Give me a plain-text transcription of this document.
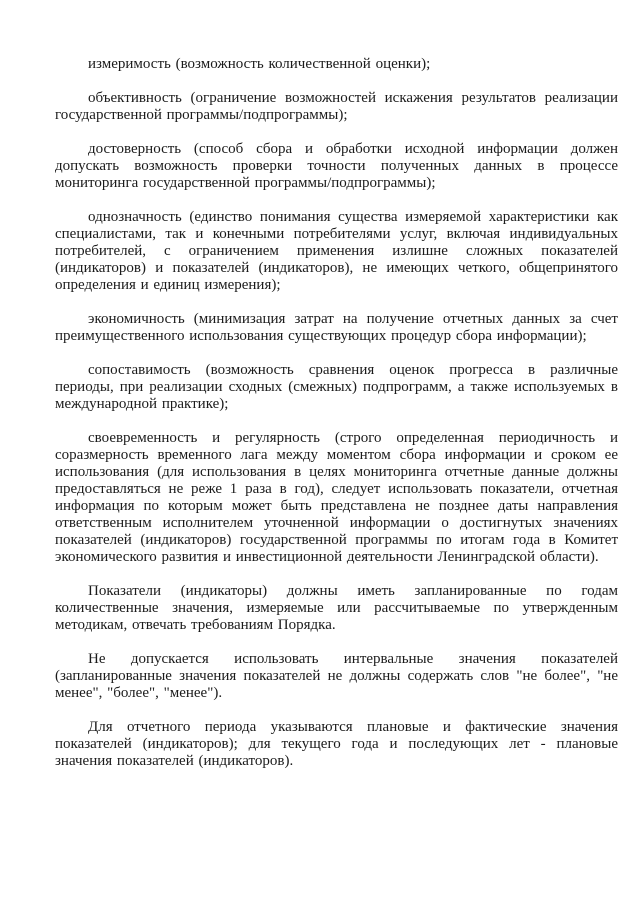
измеримость (возможность количественной оценки);

объективность (ограничение возможностей искажения результатов реализации государственной программы/подпрограммы);

достоверность (способ сбора и обработки исходной информации должен допускать возможность проверки точности полученных данных в процессе мониторинга государственной программы/подпрограммы);

однозначность (единство понимания существа измеряемой характеристики как специалистами, так и конечными потребителями услуг, включая индивидуальных потребителей, с ограничением применения излишне сложных показателей (индикаторов) и показателей (индикаторов), не имеющих четкого, общепринятого определения и единиц измерения);

экономичность (минимизация затрат на получение отчетных данных за счет преимущественного использования существующих процедур сбора информации);

сопоставимость (возможность сравнения оценок прогресса в различные периоды, при реализации сходных (смежных) подпрограмм, а также используемых в международной практике);

своевременность и регулярность (строго определенная периодичность и соразмерность временного лага между моментом сбора информации и сроком ее использования (для использования в целях мониторинга отчетные данные должны предоставляться не реже 1 раза в год), следует использовать показатели, отчетная информация по которым может быть представлена не позднее даты направления ответственным исполнителем уточненной информации о достигнутых значениях показателей (индикаторов) государственной программы по итогам года в Комитет экономического развития и инвестиционной деятельности Ленинградской области).

Показатели (индикаторы) должны иметь запланированные по годам количественные значения, измеряемые или рассчитываемые по утвержденным методикам, отвечать требованиям Порядка.

Не допускается использовать интервальные значения показателей (запланированные значения показателей не должны содержать слов "не более", "не менее", "более", "менее").

Для отчетного периода указываются плановые и фактические значения показателей (индикаторов); для текущего года и последующих лет - плановые значения показателей (индикаторов).
